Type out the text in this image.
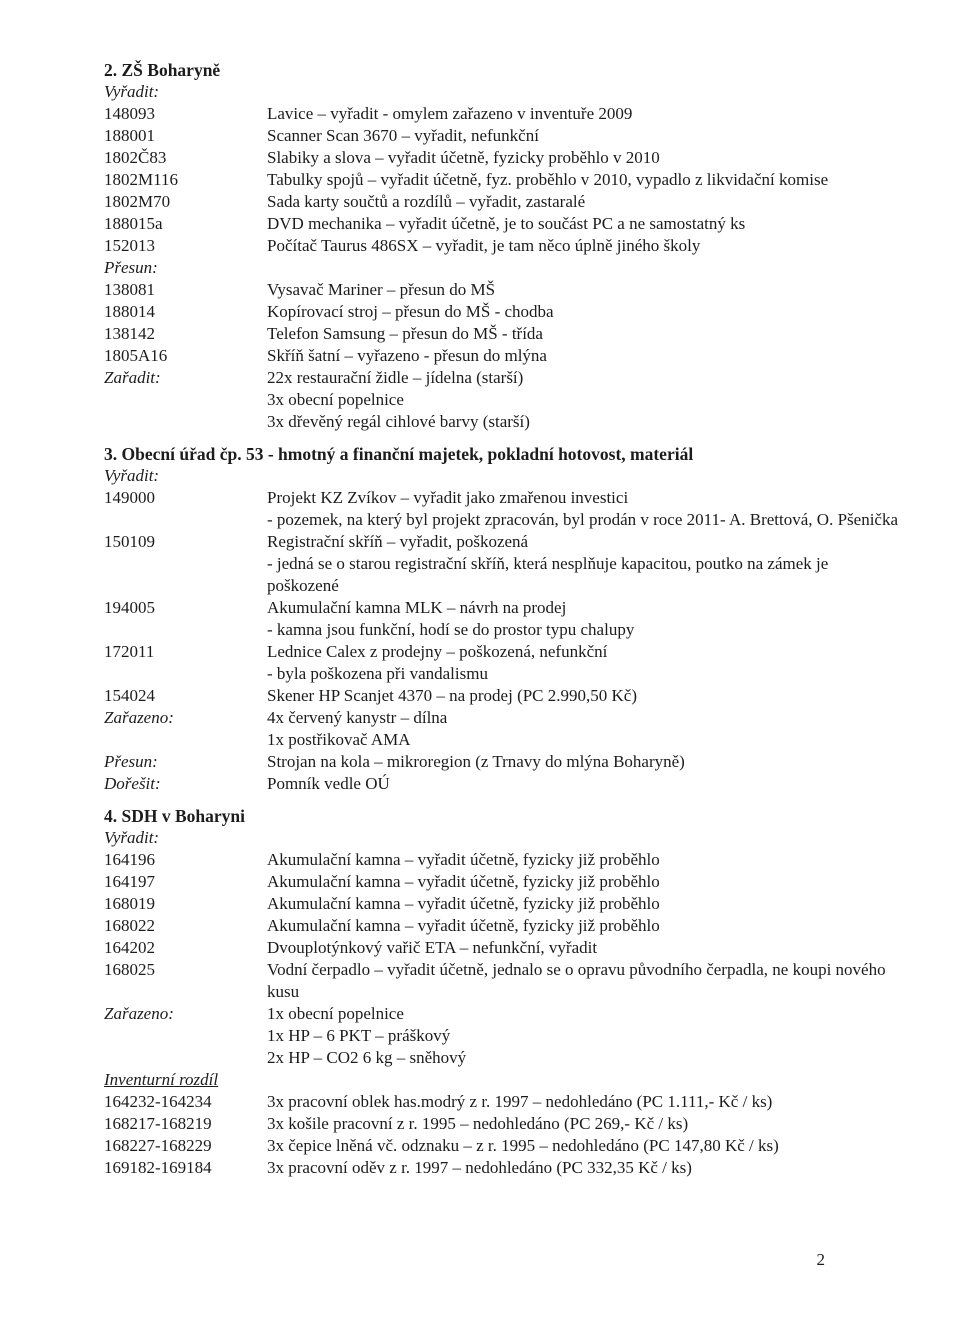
2. ZŠ Boharyně
Vyřadit:
148093	Lavice – vyřadit - omylem zařazeno v inventuře 2009
188001	Scanner Scan 3670 – vyřadit, nefunkční
1802Č83	Slabiky a slova – vyřadit účetně, fyzicky proběhlo v 2010
1802M116	Tabulky spojů – vyřadit účetně, fyz. proběhlo v 2010, vypadlo z likvidační komise
1802M70	Sada karty součtů a rozdílů – vyřadit, zastaralé
188015a	DVD mechanika – vyřadit účetně, je to součást PC a ne samostatný ks
152013	Počítač Taurus 486SX – vyřadit, je tam něco úplně jiného školy
Přesun:
138081	Vysavač Mariner – přesun do MŠ
188014	Kopírovací stroj – přesun do MŠ - chodba
138142	Telefon Samsung – přesun do MŠ - třída
1805A16	Skříň šatní – vyřazeno - přesun do mlýna
Zařadit:	22x restaurační židle – jídelna (starší)
3x obecní popelnice
3x dřevěný regál cihlové barvy (starší)
3. Obecní úřad čp. 53 - hmotný a finanční majetek, pokladní hotovost, materiál
Vyřadit:
149000	Projekt KZ Zvíkov – vyřadit jako zmařenou investici
- pozemek, na který byl projekt zpracován, byl prodán v roce 2011- A. Brettová, O. Pšenička
150109	Registrační skříň – vyřadit, poškozená
- jedná se o starou registrační skříň, která nesplňuje kapacitou, poutko na zámek je poškozené
194005	Akumulační kamna MLK – návrh na prodej
- kamna jsou funkční, hodí se do prostor typu chalupy
172011	Lednice Calex z prodejny – poškozená, nefunkční
- byla poškozena při vandalismu
154024	Skener HP Scanjet 4370 – na prodej (PC 2.990,50 Kč)
Zařazeno:	4x červený kanystr – dílna
1x postřikovač AMA
Přesun:	Strojan na kola – mikroregion (z Trnavy do mlýna Boharyně)
Dořešit:	Pomník vedle OÚ
4. SDH v Boharyni
Vyřadit:
164196	Akumulační kamna – vyřadit účetně, fyzicky již proběhlo
164197	Akumulační kamna – vyřadit účetně, fyzicky již proběhlo
168019	Akumulační kamna – vyřadit účetně, fyzicky již proběhlo
168022	Akumulační kamna – vyřadit účetně, fyzicky již proběhlo
164202	Dvouplotýnkový vařič ETA – nefunkční, vyřadit
168025	Vodní čerpadlo – vyřadit účetně, jednalo se o opravu původního čerpadla, ne koupi nového kusu
Zařazeno:	1x obecní popelnice
1x HP – 6 PKT – práškový
2x HP – CO2 6 kg – sněhový
Inventurní rozdíl
164232-164234	3x pracovní oblek has.modrý z r. 1997 – nedohledáno (PC 1.111,- Kč / ks)
168217-168219	3x košile pracovní z r. 1995 – nedohledáno (PC 269,- Kč / ks)
168227-168229	3x čepice lněná vč. odznaku – z r. 1995 – nedohledáno (PC 147,80 Kč / ks)
169182-169184	3x pracovní oděv z r. 1997 – nedohledáno (PC 332,35 Kč / ks)
2
